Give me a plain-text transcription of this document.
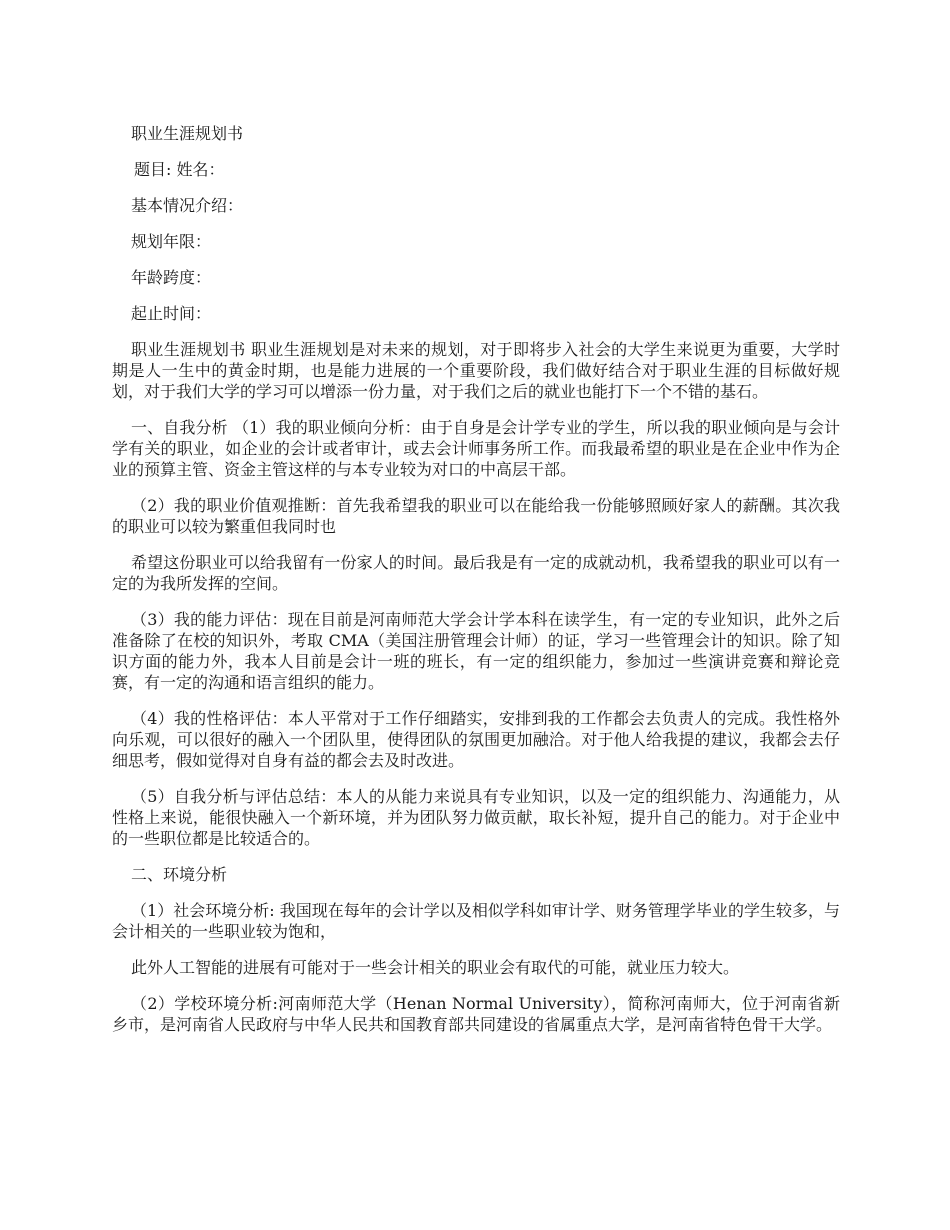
职业生涯规划书

题目: 姓名：

基本情况介绍：

规划年限：

年龄跨度：

起止时间：

职业生涯规划书 职业生涯规划是对未来的规划，对于即将步入社会的大学生来说更为重要，大学时期是人一生中的黄金时期，也是能力进展的一个重要阶段，我们做好结合对于职业生涯的目标做好规划，对于我们大学的学习可以增添一份力量，对于我们之后的就业也能打下一个不错的基石。

一、自我分析 （1）我的职业倾向分析：由于自身是会计学专业的学生，所以我的职业倾向是与会计学有关的职业，如企业的会计或者审计，或去会计师事务所工作。而我最希望的职业是在企业中作为企业的预算主管、资金主管这样的与本专业较为对口的中高层干部。

（2）我的职业价值观推断：首先我希望我的职业可以在能给我一份能够照顾好家人的薪酬。其次我的职业可以较为繁重但我同时也

希望这份职业可以给我留有一份家人的时间。最后我是有一定的成就动机，我希望我的职业可以有一定的为我所发挥的空间。

（3）我的能力评估：现在目前是河南师范大学会计学本科在读学生，有一定的专业知识，此外之后准备除了在校的知识外，考取 CMA（美国注册管理会计师）的证，学习一些管理会计的知识。除了知识方面的能力外，我本人目前是会计一班的班长，有一定的组织能力，参加过一些演讲竞赛和辩论竞赛，有一定的沟通和语言组织的能力。

（4）我的性格评估：本人平常对于工作仔细踏实，安排到我的工作都会去负责人的完成。我性格外向乐观，可以很好的融入一个团队里，使得团队的氛围更加融洽。对于他人给我提的建议，我都会去仔细思考，假如觉得对自身有益的都会去及时改进。

（5）自我分析与评估总结：本人的从能力来说具有专业知识，以及一定的组织能力、沟通能力，从性格上来说，能很快融入一个新环境，并为团队努力做贡献，取长补短，提升自己的能力。对于企业中的一些职位都是比较适合的。

二、环境分析

（1）社会环境分析: 我国现在每年的会计学以及相似学科如审计学、财务管理学毕业的学生较多，与会计相关的一些职业较为饱和，

此外人工智能的进展有可能对于一些会计相关的职业会有取代的可能，就业压力较大。

（2）学校环境分析:河南师范大学（Henan Normal University），简称河南师大，位于河南省新乡市，是河南省人民政府与中华人民共和国教育部共同建设的省属重点大学，是河南省特色骨干大学。
